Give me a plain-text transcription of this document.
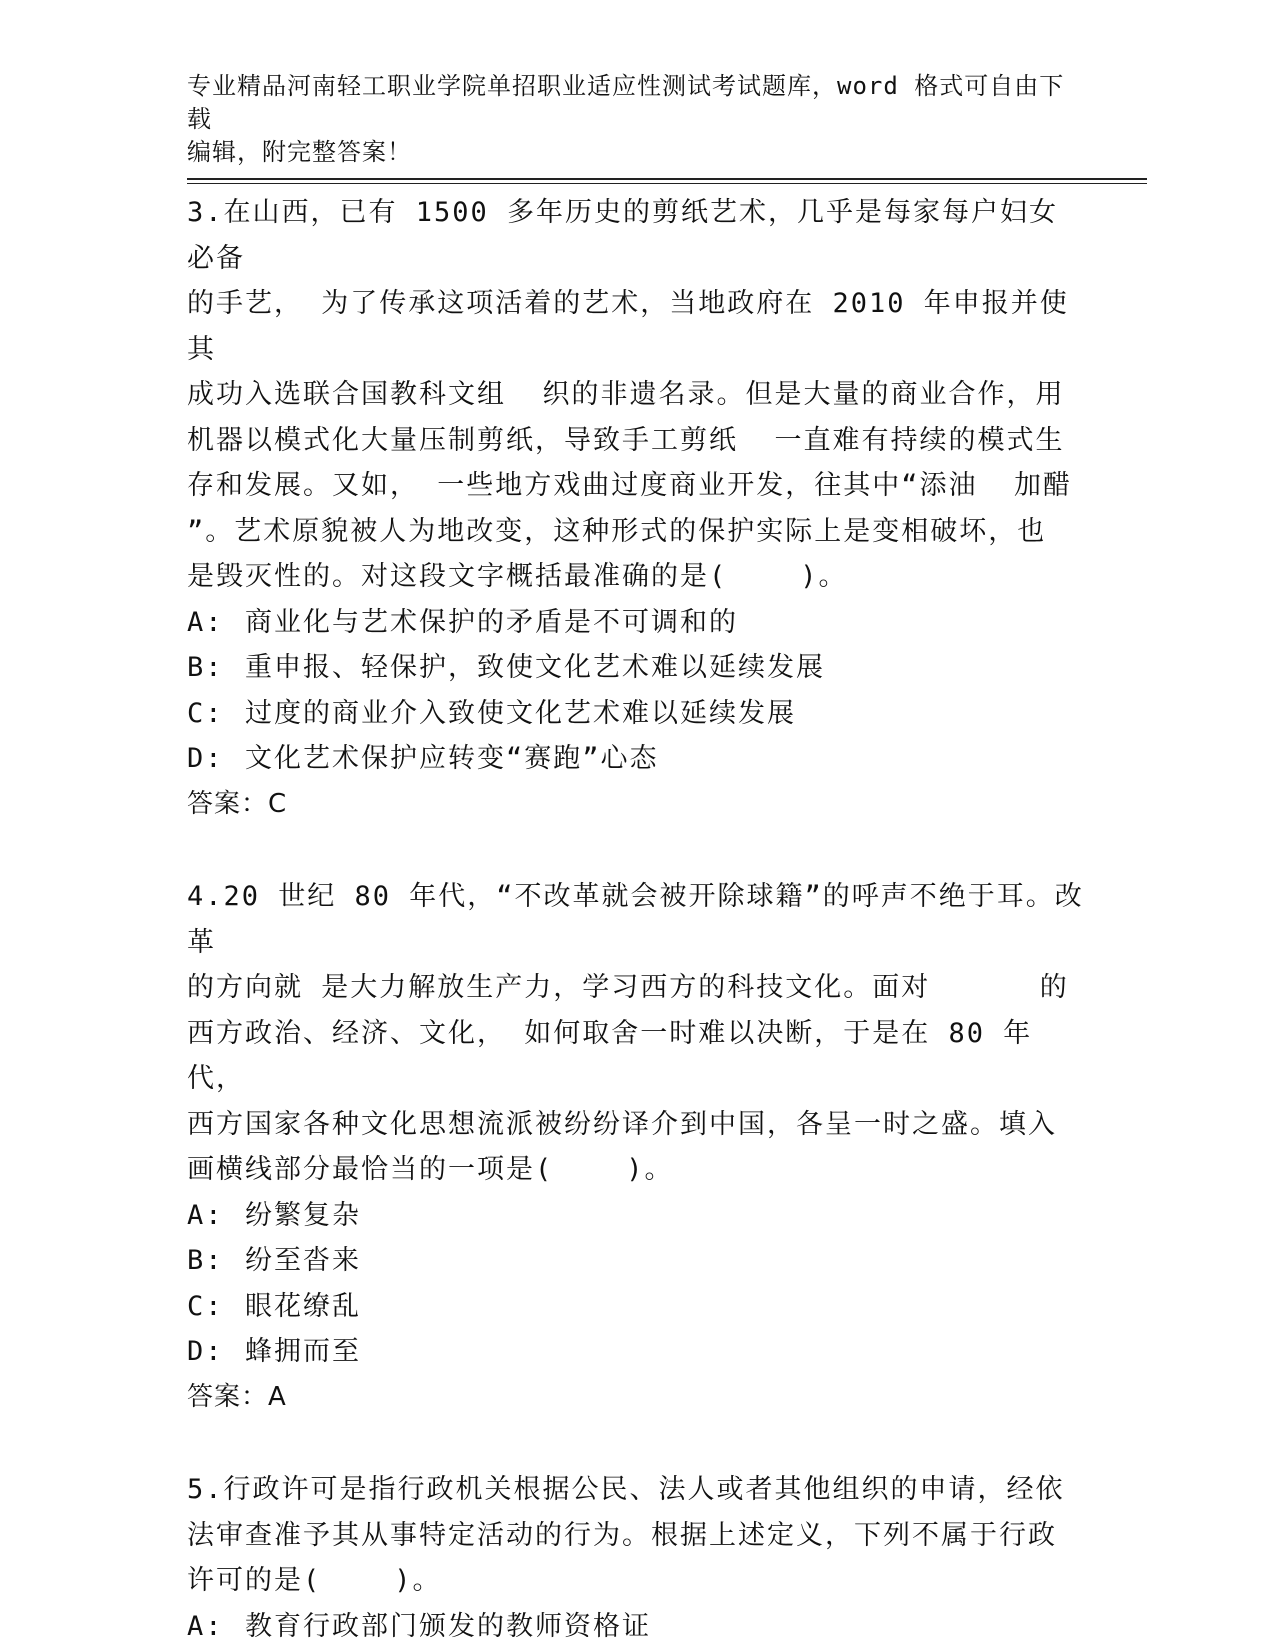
专业精品河南轻工职业学院单招职业适应性测试考试题库，word 格式可自由下载
编辑，附完整答案！

3.在山西，已有 1500 多年历史的剪纸艺术，几乎是每家每户妇女必备

的手艺， 为了传承这项活着的艺术，当地政府在 2010 年申报并使其

成功入选联合国教科文组  织的非遗名录。但是大量的商业合作，用

机器以模式化大量压制剪纸，导致手工剪纸  一直难有持续的模式生

存和发展。又如， 一些地方戏曲过度商业开发，往其中“添油  加醋

”。艺术原貌被人为地改变，这种形式的保护实际上是变相破坏，也

是毁灭性的。对这段文字概括最准确的是(    )。

A: 商业化与艺术保护的矛盾是不可调和的

B: 重申报、轻保护，致使文化艺术难以延续发展

C: 过度的商业介入致使文化艺术难以延续发展

D: 文化艺术保护应转变“赛跑”心态

答案：C

4.20 世纪 80 年代，“不改革就会被开除球籍”的呼声不绝于耳。改革

的方向就 是大力解放生产力，学习西方的科技文化。面对      的

西方政治、经济、文化， 如何取舍一时难以决断，于是在 80 年代，

西方国家各种文化思想流派被纷纷译介到中国，各呈一时之盛。填入

画横线部分最恰当的一项是(    )。

A: 纷繁复杂

B: 纷至沓来

C: 眼花缭乱

D: 蜂拥而至

答案：A

5.行政许可是指行政机关根据公民、法人或者其他组织的申请，经依

法审查准予其从事特定活动的行为。根据上述定义，下列不属于行政

许可的是(    )。

A: 教育行政部门颁发的教师资格证
